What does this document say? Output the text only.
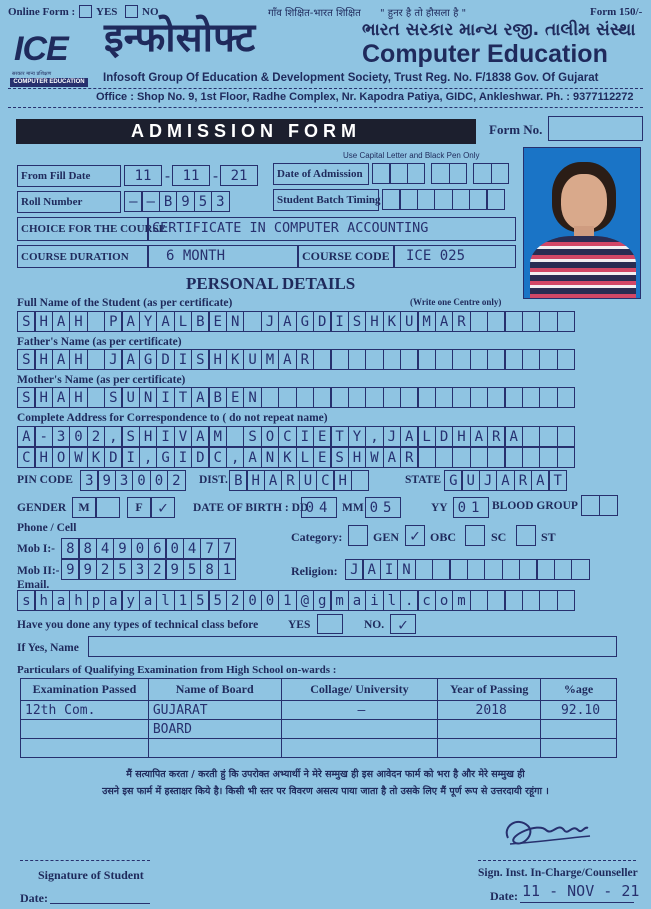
Online Form : YES NO	गाँव शिक्षित-भारत शिक्षित " हुनर है तो हौसला है "	Form 150/-
ICE
सरकार मान्य प्रशिक्षण
COMPUTER EDUCATION
इन्फोसोफ्ट	ભારત સરકાર માન્ય રજી. તાલીમ સંસ્થા
Computer Education
Infosoft Group Of Education & Development Society, Trust Reg. No. F/1838 Gov. Of Gujarat
Office : Shop No. 9, 1st Floor, Radhe Complex, Nr. Kapodra Patiya, GIDC, Ankleshwar. Ph. : 9377112272
ADMISSION FORM	Form No.
Use Capital Letter and Black Pen Only
From Fill Date	11 - 11 - 21	Date of Admission
Roll Number	— — B 9 5 3	Student Batch Timing
CHOICE FOR THE COURSE
CERTIFICATE IN COMPUTER ACCOUNTING
COURSE DURATION	6 MONTH	COURSE CODE	ICE 025
PERSONAL DETAILS
Full Name of the Student (as per certificate)	(Write one Centre only)
S H A H	P A Y A L B E N	J A G D I S H K U M A R
Father's Name (as per certificate)
S H A H	J A G D I S H K U M A R
Mother's Name (as per certificate)
S H A H	S U N I T A B E N
Complete Address for Correspondence to ( do not repeat name)
A - 3 0 2 , S H I V A M	S O C I E T Y , J A L D H A R A
C H O W K D I , G I D C , A N K L E S H W A R
PIN CODE 3 9 3 0 0 2	DIST. B H A R U C H	STATE G U J A R A T
GENDER	M	F ✓	DATE OF BIRTH : DD
04 MM 05	YY 01 BLOOD GROUP
Phone / Cell
Mob I:- 8 8 4 9 0 6 0 4 7 7
Mob II:- 9 9 2 5 3 2 9 5 8 1
Category:	GEN ✓ OBC	SC	ST
Religion: J A I N
Email.
s h a h p a y a l 1 5 5 2 0 0 1 @ g m a i l . c o m
Have you done any types of technical class before	YES	NO. ✓
If Yes, Name
Particulars of Qualifying Examination from High School on-wards :
Examination Passed	Name of Board	Collage/ University	Year of Passing	%age
12th Com.	GUJARAT	—	2018	92.10
	BOARD			

मैं सत्यापित करता / करती हुं कि उपरोक्त अभ्यार्थी ने मेरे सम्मुख ही इस आवेदन फार्म को भरा है और मेरे सम्मुख ही
उसने इस फार्म में हस्ताक्षर किये है। किसी भी स्तर पर विवरण असत्य पाया जाता है तो उसके लिए मैं पूर्ण रूप से उत्तरदायी रहूंगा ।
Signature of Student
Date:
Sign. Inst. In-Charge/Counseller
Date: 11 - NOV - 21
